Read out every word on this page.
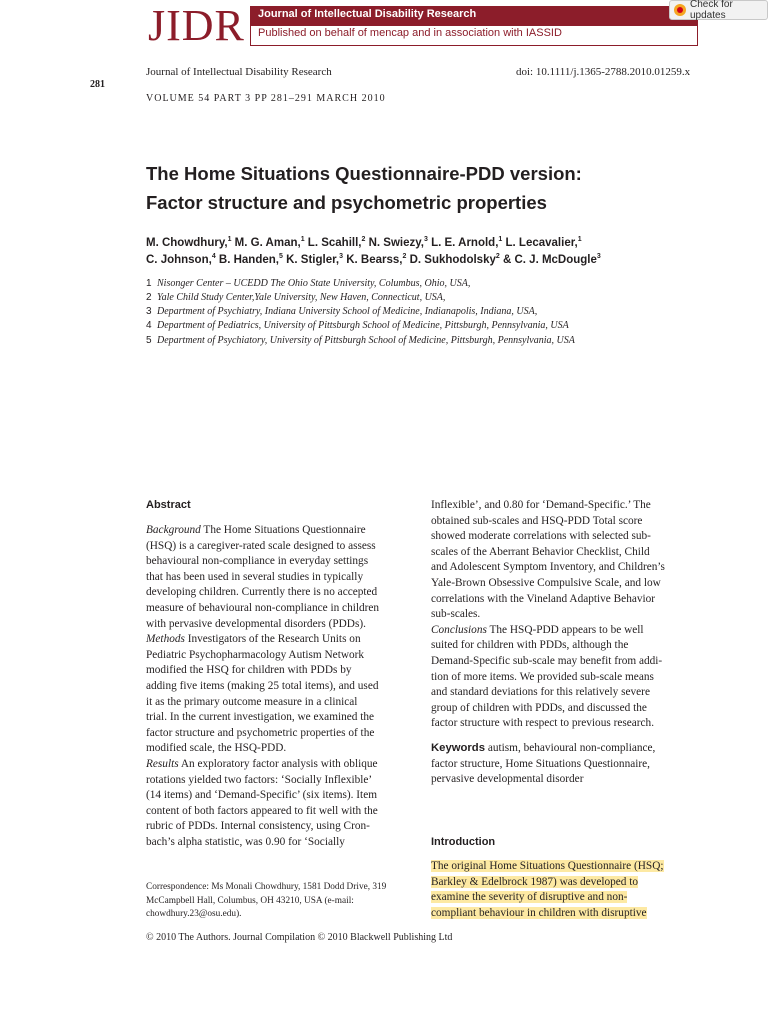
JIDR Journal of Intellectual Disability Research
Published on behalf of mencap and in association with IASSID
Check for updates
Journal of Intellectual Disability Research	doi: 10.1111/j.1365-2788.2010.01259.x
281
VOLUME 54 PART 3 PP 281–291 MARCH 2010
The Home Situations Questionnaire-PDD version:
Factor structure and psychometric properties
M. Chowdhury,$^1$ M. G. Aman,$^1$ L. Scahill,$^2$ N. Swiezy,$^3$ L. E. Arnold,$^1$ L. Lecavalier,$^1$
C. Johnson,$^4$ B. Handen,$^5$ K. Stigler,$^3$ K. Bearss,$^2$ D. Sukhodolsky$^2$ & C. J. McDougle$^3$
1 Nisonger Center – UCEDD The Ohio State University, Columbus, Ohio, USA,
2 Yale Child Study Center,Yale University, New Haven, Connecticut, USA,
3 Department of Psychiatry, Indiana University School of Medicine, Indianapolis, Indiana, USA,
4 Department of Pediatrics, University of Pittsburgh School of Medicine, Pittsburgh, Pennsylvania, USA
5 Department of Psychiatory, University of Pittsburgh School of Medicine, Pittsburgh, Pennsylvania, USA
Abstract

Background The Home Situations Questionnaire

(HSQ) is a caregiver-rated scale designed to assess

behavioural non-compliance in everyday settings

that has been used in several studies in typically

developing children. Currently there is no accepted

measure of behavioural non-compliance in children

with pervasive developmental disorders (PDDs).

Methods Investigators of the Research Units on

Pediatric Psychopharmacology Autism Network

modified the HSQ for children with PDDs by

adding five items (making 25 total items), and used

it as the primary outcome measure in a clinical

trial. In the current investigation, we examined the

factor structure and psychometric properties of the

modified scale, the HSQ-PDD.

Results An exploratory factor analysis with oblique

rotations yielded two factors: ‘Socially Inflexible’

(14 items) and ‘Demand-Specific’ (six items). Item

content of both factors appeared to fit well with the

rubric of PDDs. Internal consistency, using Cron-

bach’s alpha statistic, was 0.90 for ‘Socially

Inflexible’, and 0.80 for ‘Demand-Specific.’ The

obtained sub-scales and HSQ-PDD Total score

showed moderate correlations with selected sub-

scales of the Aberrant Behavior Checklist, Child

and Adolescent Symptom Inventory, and Children’s

Yale-Brown Obsessive Compulsive Scale, and low

correlations with the Vineland Adaptive Behavior

sub-scales.

Conclusions The HSQ-PDD appears to be well

suited for children with PDDs, although the

Demand-Specific sub-scale may benefit from addi-

tion of more items. We provided sub-scale means

and standard deviations for this relatively severe

group of children with PDDs, and discussed the

factor structure with respect to previous research.

Keywords autism, behavioural non-compliance,
factor structure, Home Situations Questionnaire,
pervasive developmental disorder
Introduction
The original Home Situations Questionnaire (HSQ;
Barkley & Edelbrock 1987) was developed to
examine the severity of disruptive and non-
compliant behaviour in children with disruptive
Correspondence: Ms Monali Chowdhury, 1581 Dodd Drive, 319
McCampbell Hall, Columbus, OH 43210, USA (e-mail:
chowdhury.23@osu.edu).
© 2010 The Authors. Journal Compilation © 2010 Blackwell Publishing Ltd
